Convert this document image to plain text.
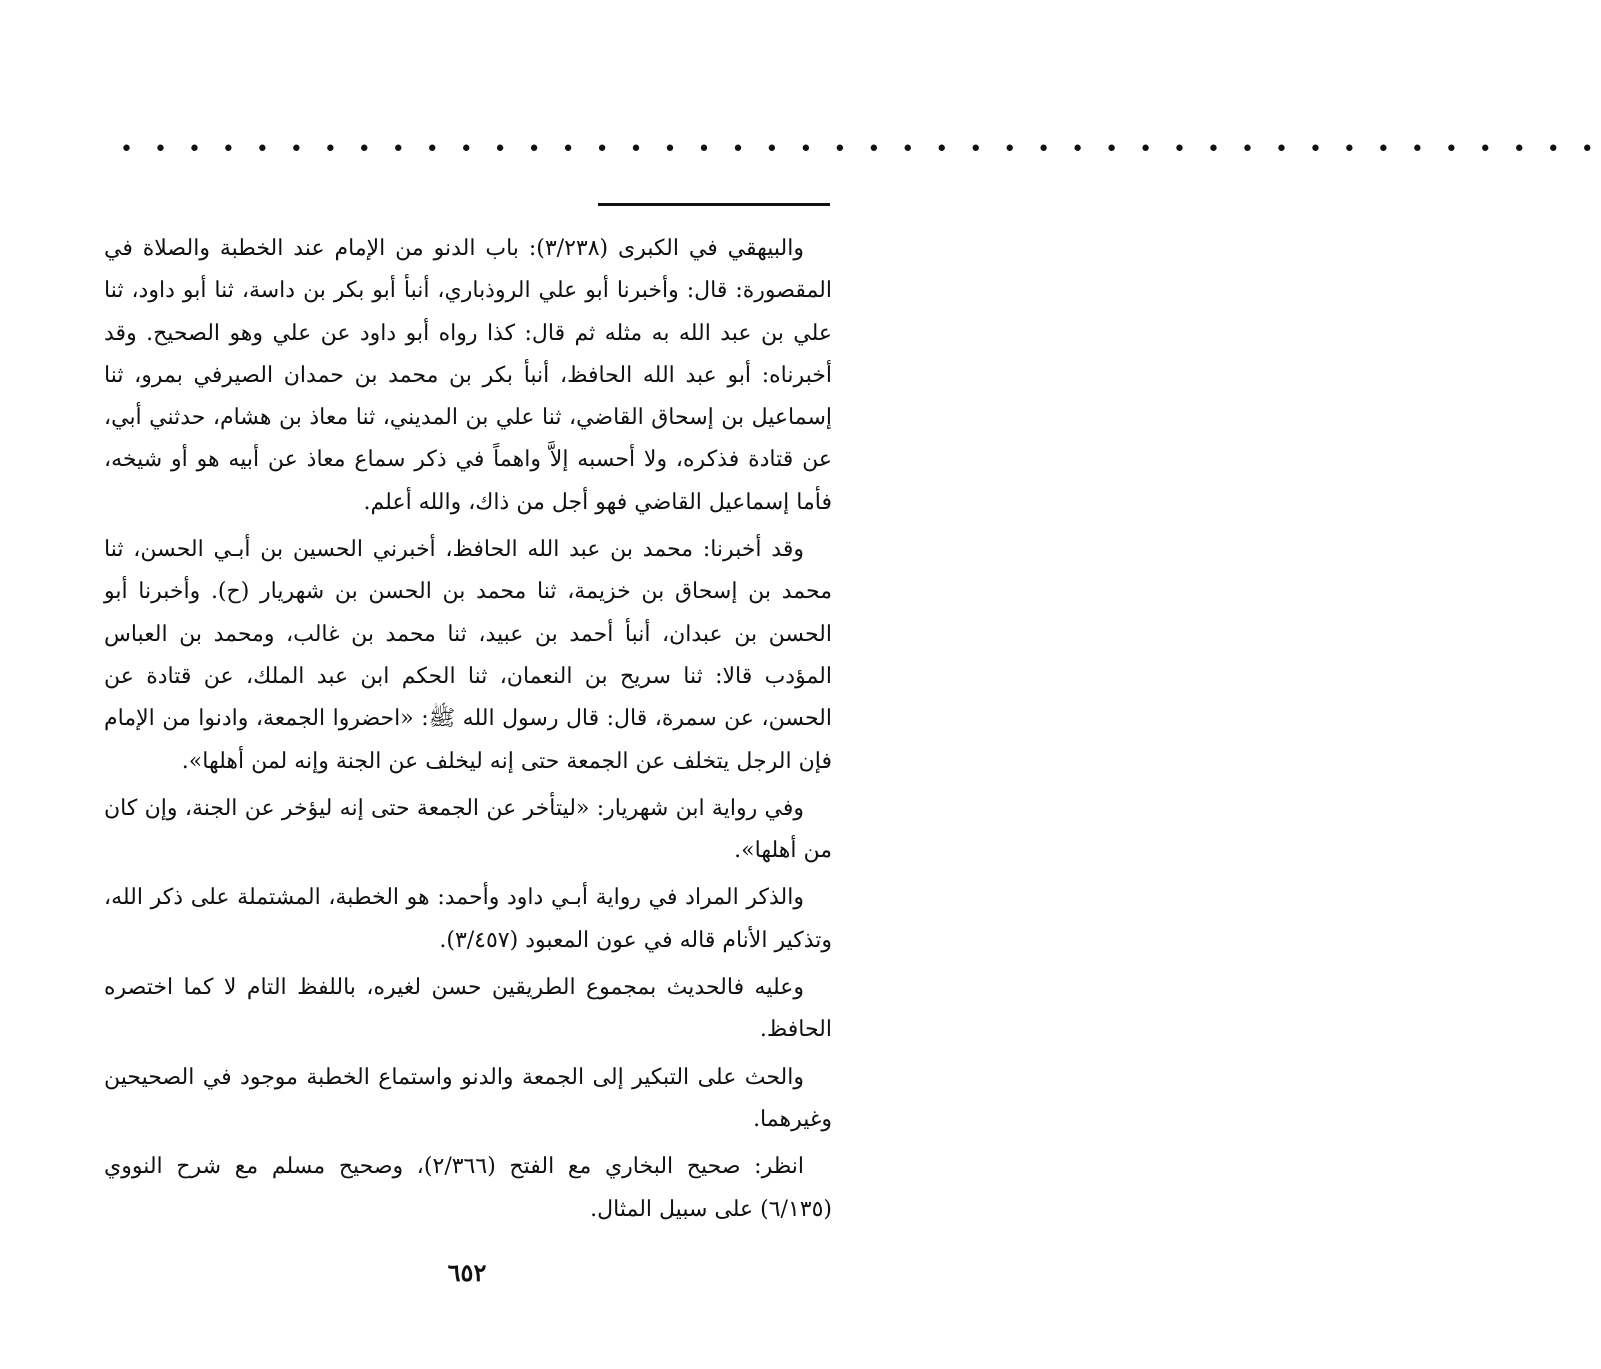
• • • • • • • • • • • • • • • • • • • • • • • • • • • • • • • • • • • • • • • • • • • •

والبيهقي في الكبرى (٣/٢٣٨): باب الدنو من الإمام عند الخطبة والصلاة في المقصورة: قال: وأخبرنا أبو علي الروذباري، أنبأ أبو بكر بن داسة، ثنا أبو داود، ثنا علي بن عبد الله به مثله ثم قال: كذا رواه أبو داود عن علي وهو الصحيح. وقد أخبرناه: أبو عبد الله الحافظ، أنبأ بكر بن محمد بن حمدان الصيرفي بمرو، ثنا إسماعيل بن إسحاق القاضي، ثنا علي بن المديني، ثنا معاذ بن هشام، حدثني أبي، عن قتادة فذكره، ولا أحسبه إلاَّ واهماً في ذكر سماع معاذ عن أبيه هو أو شيخه، فأما إسماعيل القاضي فهو أجل من ذاك، والله أعلم.

وقد أخبرنا: محمد بن عبد الله الحافظ، أخبرني الحسين بن أبـي الحسن، ثنا محمد بن إسحاق بن خزيمة، ثنا محمد بن الحسن بن شهريار (ح). وأخبرنا أبو الحسن بن عبدان، أنبأ أحمد بن عبيد، ثنا محمد بن غالب، ومحمد بن العباس المؤدب قالا: ثنا سريح بن النعمان، ثنا الحكم ابن عبد الملك، عن قتادة عن الحسن، عن سمرة، قال: قال رسول الله ﷺ: «احضروا الجمعة، وادنوا من الإمام فإن الرجل يتخلف عن الجمعة حتى إنه ليخلف عن الجنة وإنه لمن أهلها».

وفي رواية ابن شهريار: «ليتأخر عن الجمعة حتى إنه ليؤخر عن الجنة، وإن كان من أهلها».

والذكر المراد في رواية أبـي داود وأحمد: هو الخطبة، المشتملة على ذكر الله، وتذكير الأنام قاله في عون المعبود (٣/٤٥٧).

وعليه فالحديث بمجموع الطريقين حسن لغيره، باللفظ التام لا كما اختصره الحافظ.

والحث على التبكير إلى الجمعة والدنو واستماع الخطبة موجود في الصحيحين وغيرهما.

انظر: صحيح البخاري مع الفتح (٢/٣٦٦)، وصحيح مسلم مع شرح النووي (٦/١٣٥) على سبيل المثال.

٦٥٢
